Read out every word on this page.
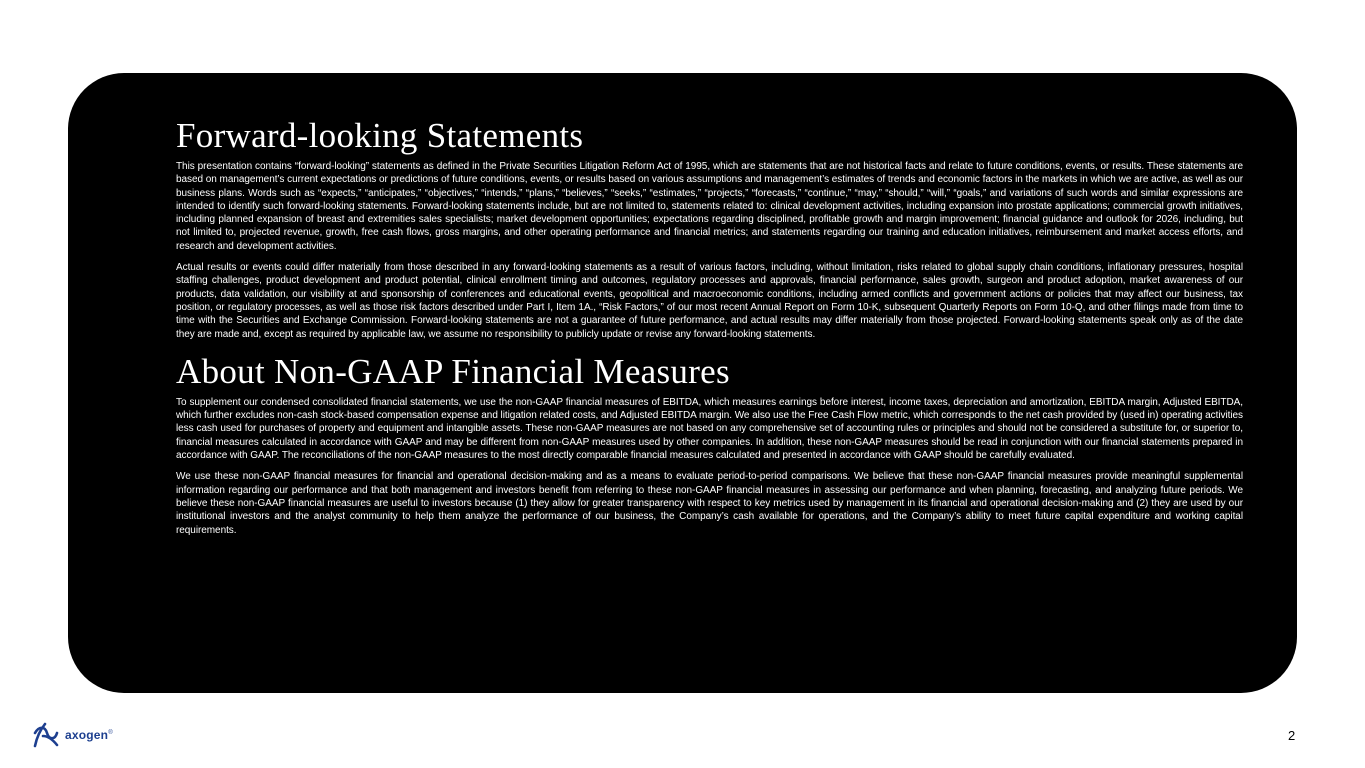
Forward-looking Statements

This presentation contains “forward-looking” statements as defined in the Private Securities Litigation Reform Act of 1995, which are statements that are not historical facts and relate to future conditions, events, or results. These statements are based on management’s current expectations or predictions of future conditions, events, or results based on various assumptions and management’s estimates of trends and economic factors in the markets in which we are active, as well as our business plans. Words such as “expects,” “anticipates,” “objectives,” “intends,” “plans,” “believes,” “seeks,” “estimates,” “projects,” “forecasts,” “continue,” “may,” “should,” “will,” “goals,” and variations of such words and similar expressions are intended to identify such forward-looking statements. Forward-looking statements include, but are not limited to, statements related to: clinical development activities, including expansion into prostate applications; commercial growth initiatives, including planned expansion of breast and extremities sales specialists; market development opportunities; expectations regarding disciplined, profitable growth and margin improvement; financial guidance and outlook for 2026, including, but not limited to, projected revenue, growth, free cash flows, gross margins, and other operating performance and financial metrics; and statements regarding our training and education initiatives, reimbursement and market access efforts, and research and development activities.

Actual results or events could differ materially from those described in any forward-looking statements as a result of various factors, including, without limitation, risks related to global supply chain conditions, inflationary pressures, hospital staffing challenges, product development and product potential, clinical enrollment timing and outcomes, regulatory processes and approvals, financial performance, sales growth, surgeon and product adoption, market awareness of our products, data validation, our visibility at and sponsorship of conferences and educational events, geopolitical and macroeconomic conditions, including armed conflicts and government actions or policies that may affect our business, tax position, or regulatory processes, as well as those risk factors described under Part I, Item 1A., “Risk Factors,” of our most recent Annual Report on Form 10-K, subsequent Quarterly Reports on Form 10-Q, and other filings made from time to time with the Securities and Exchange Commission. Forward-looking statements are not a guarantee of future performance, and actual results may differ materially from those projected. Forward-looking statements speak only as of the date they are made and, except as required by applicable law, we assume no responsibility to publicly update or revise any forward-looking statements.

About Non-GAAP Financial Measures

To supplement our condensed consolidated financial statements, we use the non-GAAP financial measures of EBITDA, which measures earnings before interest, income taxes, depreciation and amortization, EBITDA margin, Adjusted EBITDA, which further excludes non-cash stock-based compensation expense and litigation related costs, and Adjusted EBITDA margin. We also use the Free Cash Flow metric, which corresponds to the net cash provided by (used in) operating activities less cash used for purchases of property and equipment and intangible assets. These non-GAAP measures are not based on any comprehensive set of accounting rules or principles and should not be considered a substitute for, or superior to, financial measures calculated in accordance with GAAP and may be different from non-GAAP measures used by other companies. In addition, these non-GAAP measures should be read in conjunction with our financial statements prepared in accordance with GAAP. The reconciliations of the non-GAAP measures to the most directly comparable financial measures calculated and presented in accordance with GAAP should be carefully evaluated.

We use these non-GAAP financial measures for financial and operational decision-making and as a means to evaluate period-to-period comparisons. We believe that these non-GAAP financial measures provide meaningful supplemental information regarding our performance and that both management and investors benefit from referring to these non-GAAP financial measures in assessing our performance and when planning, forecasting, and analyzing future periods. We believe these non-GAAP financial measures are useful to investors because (1) they allow for greater transparency with respect to key metrics used by management in its financial and operational decision-making and (2) they are used by our institutional investors and the analyst community to help them analyze the performance of our business, the Company’s cash available for operations, and the Company’s ability to meet future capital expenditure and working capital requirements.

axogen®	2
